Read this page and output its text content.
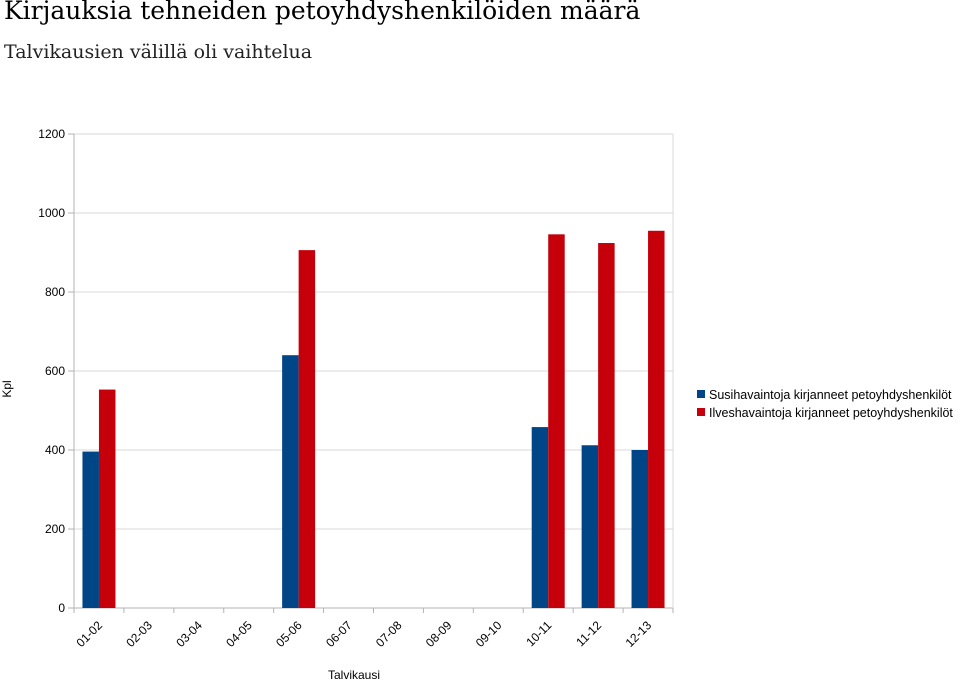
Kirjauksia tehneiden petoyhdyshenkilöiden määrä
Talvikausien välillä oli vaihtelua
0
200
400
600
800
1000
1200
01-02 02-03 03-04 04-05 05-06 06-07 07-08 08-09 09-10 10-11 11-12 12-13
Kpl
Talvikausi
Susihavaintoja kirjanneet petoyhdyshenkilöt
Ilveshavaintoja kirjanneet petoyhdyshenkilöt
